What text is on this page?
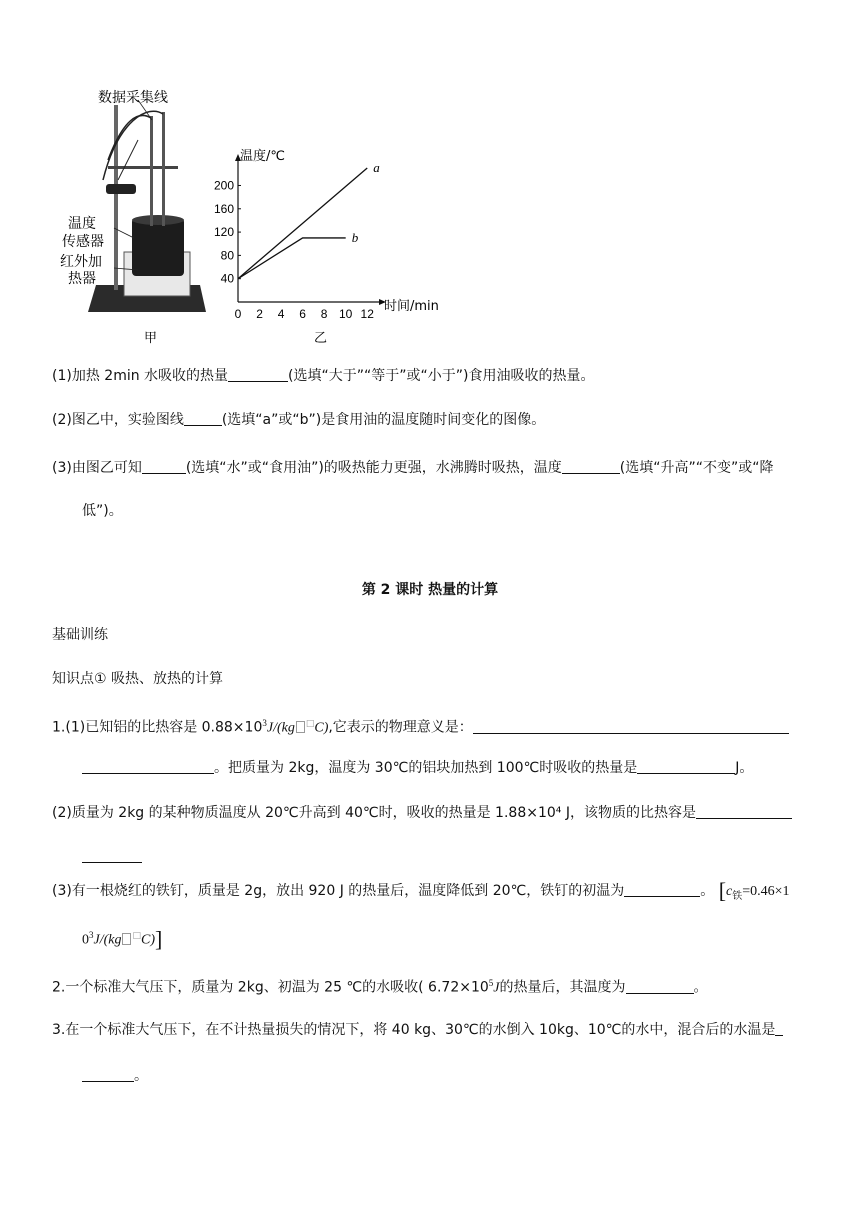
数据采集线
温度
传感器
红外加
热器
甲
温度/℃
时间/min
0 2 4 6 8 10 12
40
80
120
160
200
a
b
乙
(1)加热 2min 水吸收的热量	(选填“大于”“等于”或“小于”)食用油吸收的热量。
(2)图乙中，实验图线	(选填“a”或“b”)是食用油的温度随时间变化的图像。
(3)由图乙可知	(选填“水”或“食用油”)的吸热能力更强，水沸腾时吸热，温度	(选填“升高”“不变”或“降
低”)。
第 2 课时 热量的计算
基础训练
知识点① 吸热、放热的计算
1.(1)已知铝的比热容是 $0.88\times 10^3J/(kg$ □C),它表示的物理意义是：
。把质量为 2kg，温度为 30℃的铝块加热到 100℃时吸收的热量是	J。
(2)质量为 2kg 的某种物质温度从 20℃升高到 40℃时，吸收的热量是 1.88×10⁴ J，该物质的比热容是
(3)有一根烧红的铁钉，质量是 2g，放出 920 J 的热量后，温度降低到 20℃，铁钉的初温为	。 [$c_铁=0.46\times 1$
$0^3J/(kg$ □C)]
2.一个标准大气压下，质量为 2kg、初温为 25 ℃的水吸收( $6.72\times 10^5J$的热量后，其温度为	。
3.在一个标准大气压下，在不计热量损失的情况下，将 40 kg、30℃的水倒入 10kg、10℃的水中，混合后的水温是
。
